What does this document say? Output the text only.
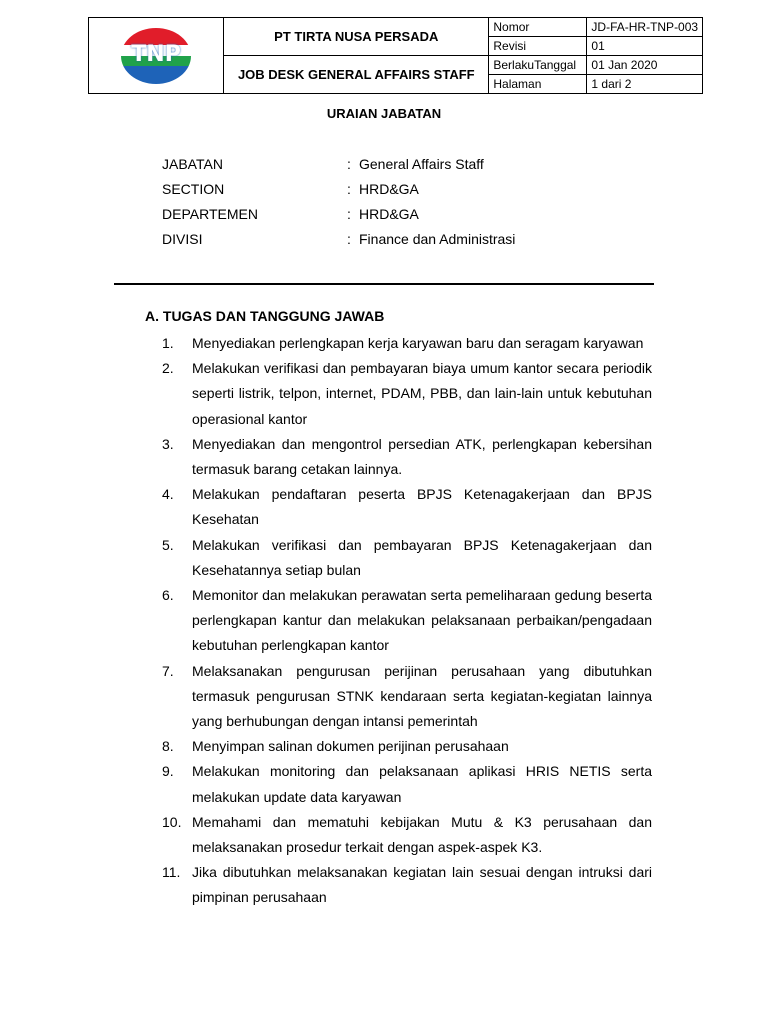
TNP	PT TIRTA NUSA PERSADA	Nomor	JD-FA-HR-TNP-003
		Revisi	01
	JOB DESK GENERAL AFFAIRS STAFF	BerlakuTanggal	01 Jan 2020
		Halaman	1 dari 2
URAIAN JABATAN
JABATAN	: General Affairs Staff
SECTION	: HRD&GA
DEPARTEMEN	: HRD&GA
DIVISI	: Finance dan Administrasi
A. TUGAS DAN TANGGUNG JAWAB
1.	Menyediakan perlengkapan kerja karyawan baru dan seragam karyawan
2.	Melakukan verifikasi dan pembayaran biaya umum kantor secara periodik seperti listrik, telpon, internet, PDAM, PBB, dan lain-lain untuk kebutuhan operasional kantor
3.	Menyediakan dan mengontrol persedian ATK, perlengkapan kebersihan termasuk barang cetakan lainnya.
4.	Melakukan pendaftaran peserta BPJS Ketenagakerjaan dan BPJS Kesehatan
5.	Melakukan verifikasi dan pembayaran BPJS Ketenagakerjaan dan Kesehatannya setiap bulan
6.	Memonitor dan melakukan perawatan serta pemeliharaan gedung beserta perlengkapan kantur dan melakukan pelaksanaan perbaikan/pengadaan kebutuhan perlengkapan kantor
7.	Melaksanakan pengurusan perijinan perusahaan yang dibutuhkan termasuk pengurusan STNK kendaraan serta kegiatan-kegiatan lainnya yang berhubungan dengan intansi pemerintah
8.	Menyimpan salinan dokumen perijinan perusahaan
9.	Melakukan monitoring dan pelaksanaan aplikasi HRIS NETIS serta melakukan update data karyawan
10. Memahami dan mematuhi kebijakan Mutu & K3 perusahaan dan melaksanakan prosedur terkait dengan aspek-aspek K3.
11. Jika dibutuhkan melaksanakan kegiatan lain sesuai dengan intruksi dari pimpinan perusahaan
